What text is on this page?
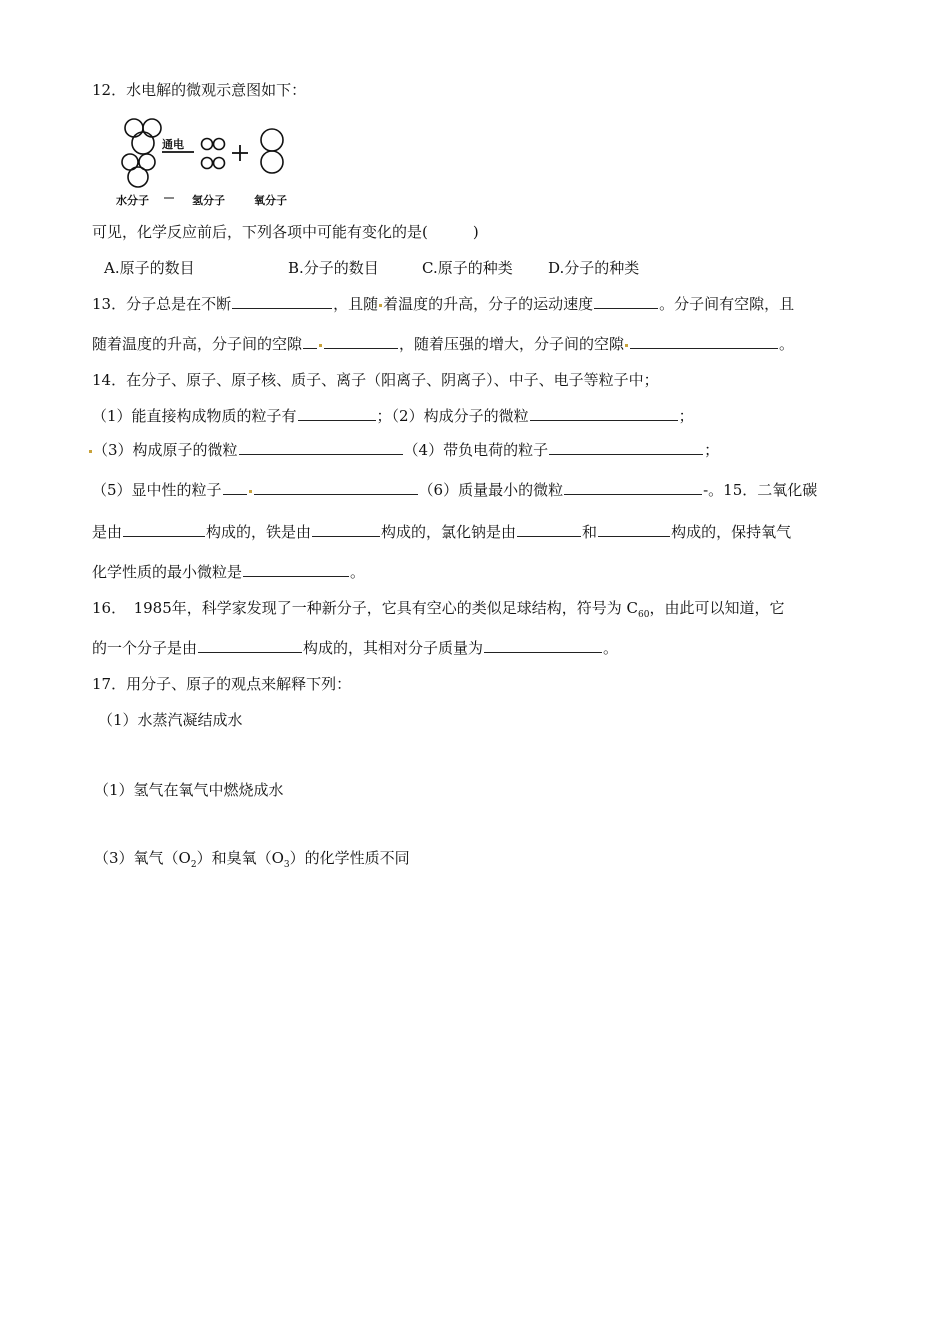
12．水电解的微观示意图如下：
通电
水分子	氢分子	氧分子
可见，化学反应前后，下列各项中可能有变化的是(　　　)
A.原子的数目	B.分子的数目	C.原子的种类 D.分子的种类
13．分子总是在不断	，且随 着温度的升高，分子的运动速度	。分子间有空隙，且
随着温度的升高，分子间的空隙	，随着压强的增大，分子间的空隙	。
14．在分子、原子、原子核、质子、离子（阳离子、阴离子）、中子、电子等粒子中；
（1）能直接构成物质的粒子有	；（2）构成分子的微粒	；
（3）构成原子的微粒	（4）带负电荷的粒子	；
（5）显中性的粒子	（6）质量最小的微粒	-。15．二氧化碳
是由	构成的，铁是由	构成的，氯化钠是由	和	构成的，保持氧气
化学性质的最小微粒是	。
16．　1985年，科学家发现了一种新分子，它具有空心的类似足球结构，符号为 $C_{60}$，由此可以知道，它
的一个分子是由	构成的，其相对分子质量为	。
17．用分子、原子的观点来解释下列：
（1）水蒸汽凝结成水
（1）氢气在氧气中燃烧成水
（3）氧气$(O_2)$和臭氧$(O_3)$的化学性质不同
